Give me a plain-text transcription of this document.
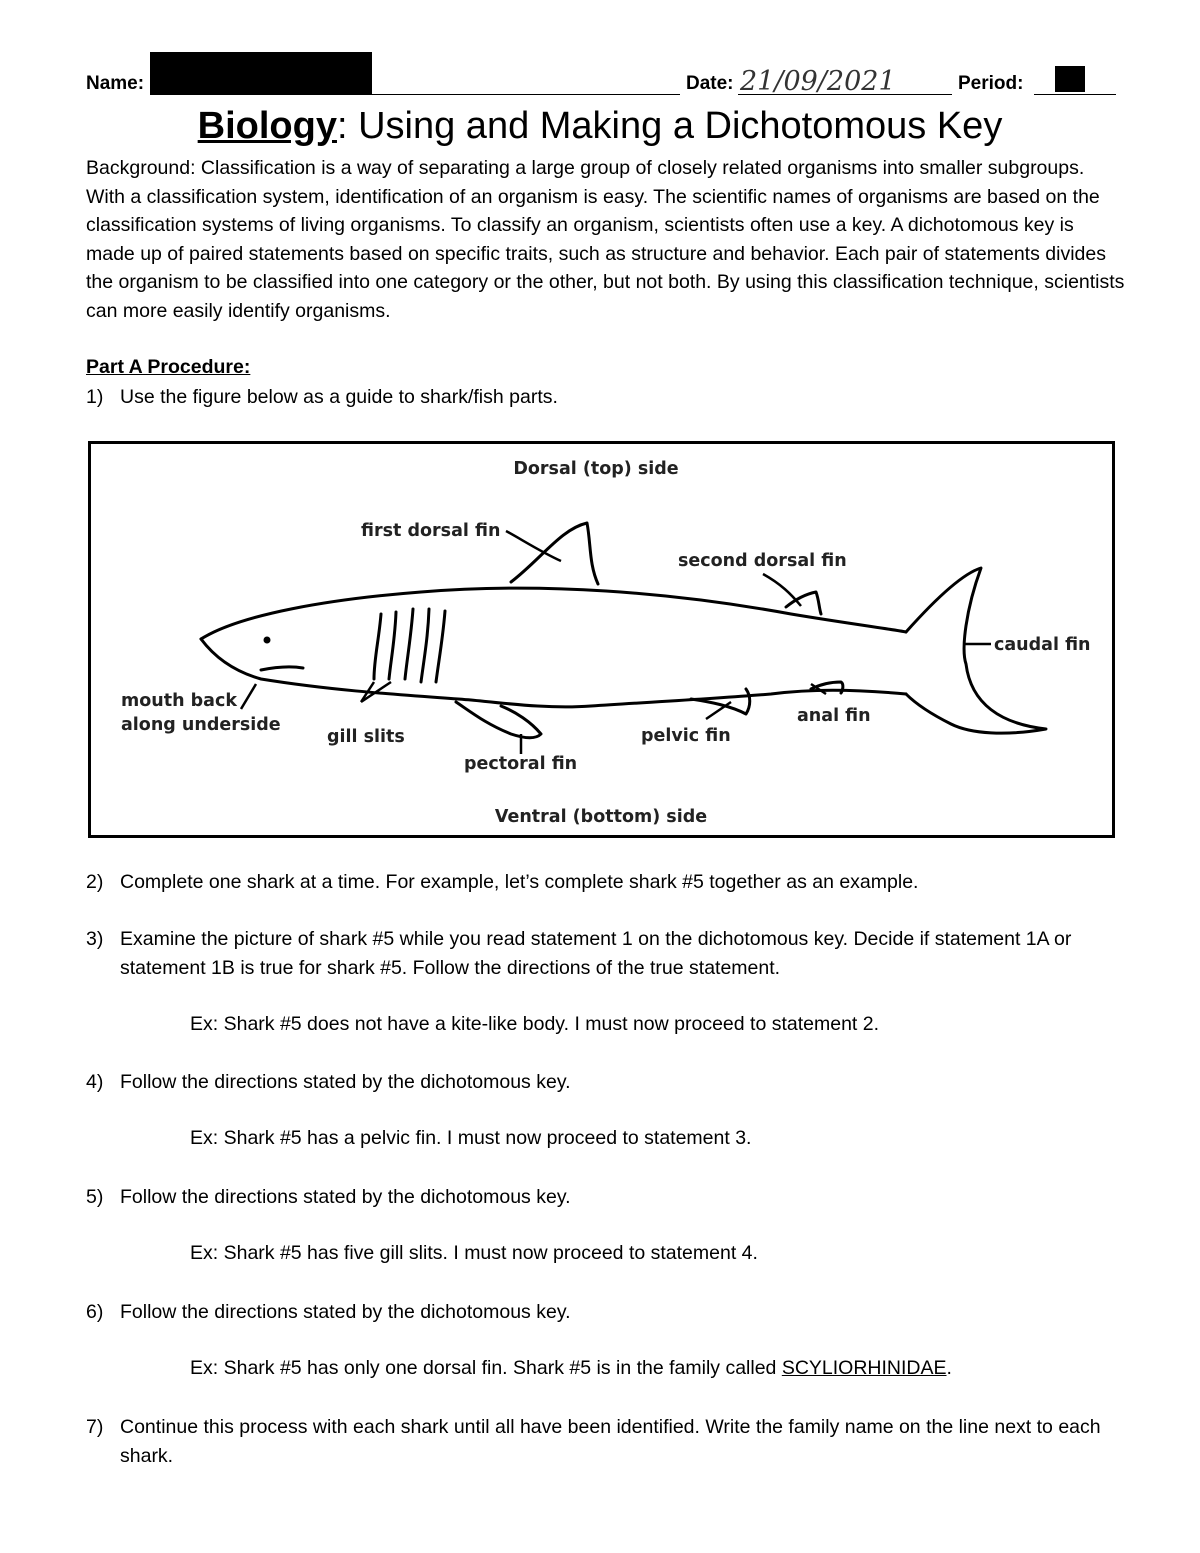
Name:	Date: 21/09/2021	Period:
Biology: Using and Making a Dichotomous Key
Background: Classification is a way of separating a large group of closely related organisms into smaller subgroups. With a classification system, identification of an organism is easy. The scientific names of organisms are based on the classification systems of living organisms. To classify an organism, scientists often use a key. A dichotomous key is made up of paired statements based on specific traits, such as structure and behavior. Each pair of statements divides the organism to be classified into one category or the other, but not both. By using this classification technique, scientists can more easily identify organisms.
Part A Procedure:
1) Use the figure below as a guide to shark/fish parts.
Dorsal (top) side
first dorsal fin
second dorsal fin
caudal fin
mouth back
along underside
gill slits
pectoral fin
pelvic fin
anal fin
Ventral (bottom) side
2) Complete one shark at a time. For example, let’s complete shark #5 together as an example.
3) Examine the picture of shark #5 while you read statement 1 on the dichotomous key. Decide if statement 1A or statement 1B is true for shark #5. Follow the directions of the true statement.
Ex: Shark #5 does not have a kite-like body. I must now proceed to statement 2.
4) Follow the directions stated by the dichotomous key.
Ex: Shark #5 has a pelvic fin. I must now proceed to statement 3.
5) Follow the directions stated by the dichotomous key.
Ex: Shark #5 has five gill slits. I must now proceed to statement 4.
6) Follow the directions stated by the dichotomous key.
Ex: Shark #5 has only one dorsal fin. Shark #5 is in the family called SCYLIORHINIDAE.
7) Continue this process with each shark until all have been identified. Write the family name on the line next to each shark.
